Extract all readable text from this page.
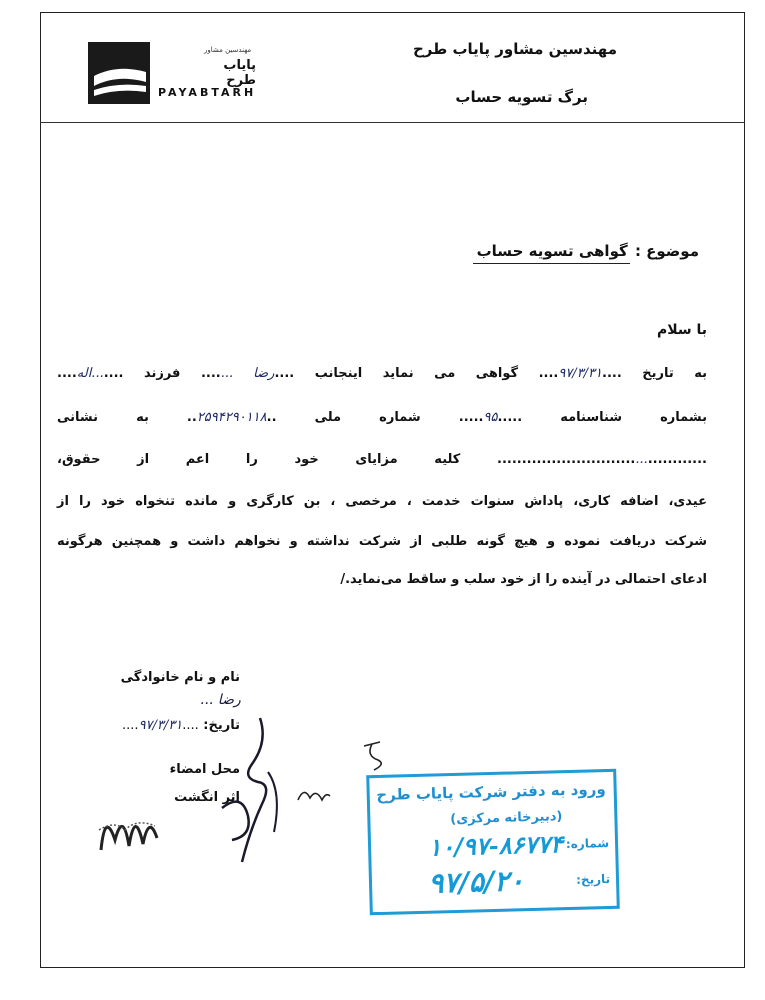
مهندسین مشاور پایاب طرح
برگ تسویه حساب
مهندسین مشاور
پایاب طرح
PAYABTARH
موضوع : گواهی تسویه حساب
با سلام
به تاریخ ....۹۷/۳/۳۱.... گواهی می نماید اینجانب ....رضا ....... فرزند .......اله....
بشماره شناسنامه .....۹۵..... شماره ملی ..۲۵۹۴۲۹۰۱۱۸.. به نشانی
........................................... کلیه مزایای خود را اعم از حقوق،
عیدی، اضافه کاری، پاداش سنوات خدمت ، مرخصی ، بن کارگری و مانده تنخواه خود را از
شرکت دریافت نموده و هیچ گونه طلبی از شرکت نداشته و نخواهم داشت و همچنین هرگونه
ادعای احتمالی در آینده را از خود سلب و ساقط می‌نماید./
نام و نام خانوادگی
رضا ...
تاریخ: ....۹۷/۳/۳۱....
محل امضاء
اثر انگشت	ورود به دفتر شرکت پایاب طرح
(دبیرخانه مرکزی)
شماره:
۱۰/۹۷-۸۶۷۷۴
تاریخ:
۹۷/۵/۲۰
